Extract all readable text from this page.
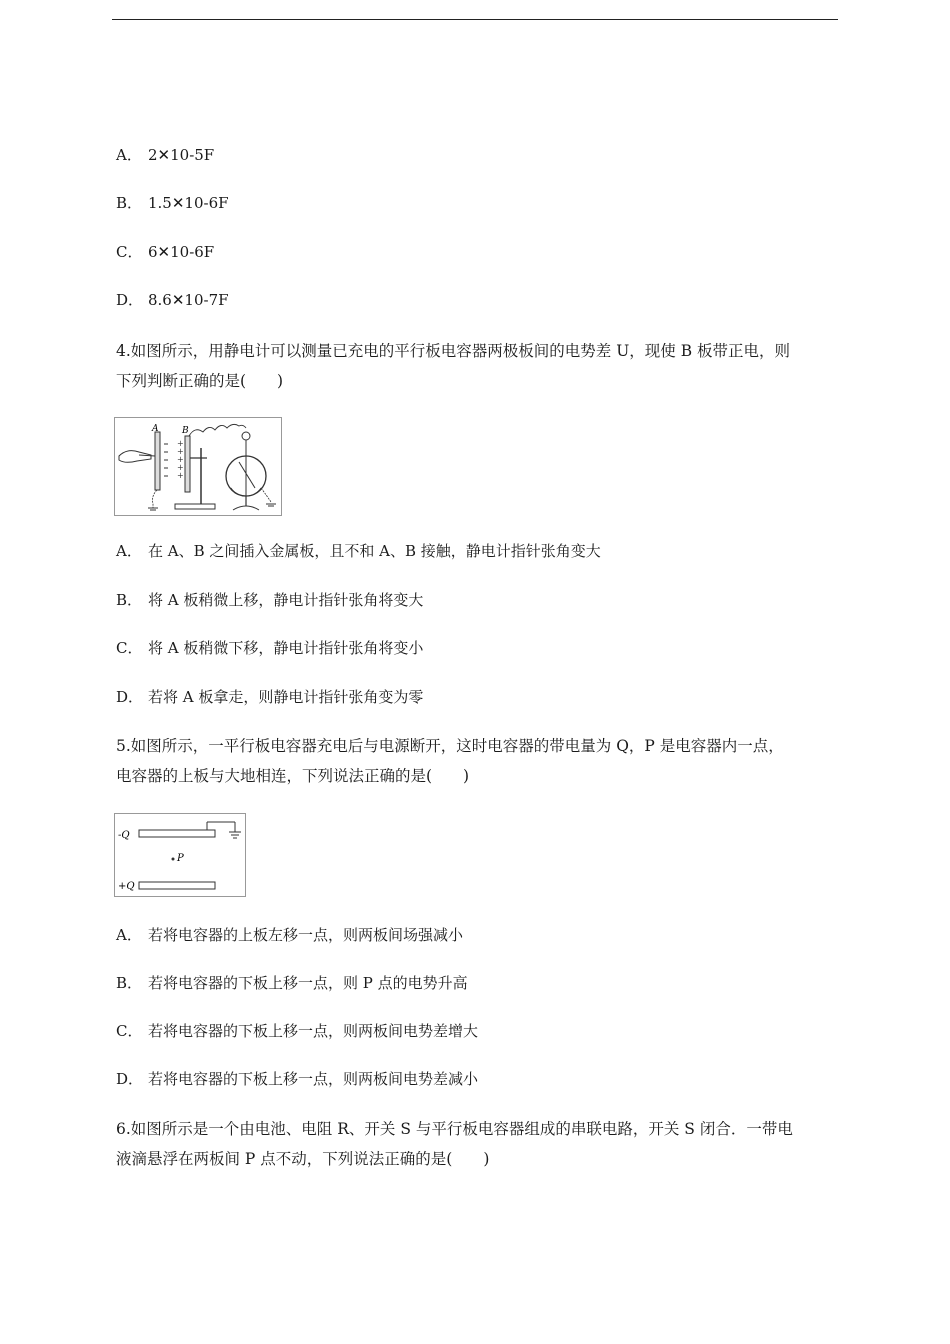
A． 2✕10-5F
B． 1.5✕10-6F
C． 6✕10-6F
D． 8.6✕10-7F
4.如图所示，用静电计可以测量已充电的平行板电容器两极板间的电势差 U，现使 B 板带正电，则
下列判断正确的是(　　)
A
+
+
+
+
+
B
A． 在 A、B 之间插入金属板，且不和 A、B 接触，静电计指针张角变大
B． 将 A 板稍微上移，静电计指针张角将变大
C． 将 A 板稍微下移，静电计指针张角将变小
D． 若将 A 板拿走，则静电计指针张角变为零
5.如图所示，一平行板电容器充电后与电源断开，这时电容器的带电量为 Q，P 是电容器内一点，
电容器的上板与大地相连，下列说法正确的是(　　)
-Q
P
+Q
A． 若将电容器的上板左移一点，则两板间场强减小
B． 若将电容器的下板上移一点，则 P 点的电势升高
C． 若将电容器的下板上移一点，则两板间电势差增大
D． 若将电容器的下板上移一点，则两板间电势差减小
6.如图所示是一个由电池、电阻 R、开关 S 与平行板电容器组成的串联电路，开关 S 闭合．一带电
液滴悬浮在两板间 P 点不动，下列说法正确的是(　　)
